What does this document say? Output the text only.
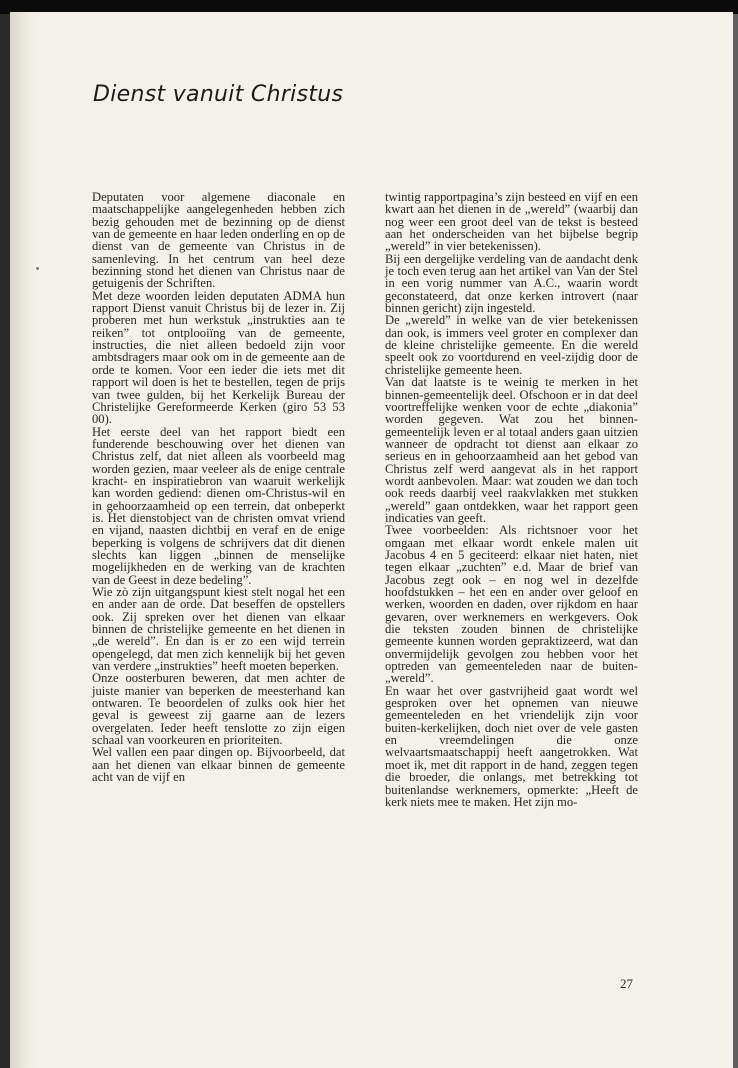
Dienst vanuit Christus

Deputaten voor algemene diaconale en maatschappelijke aangelegenheden hebben zich bezig gehouden met de bezinning op de dienst van de gemeente en haar leden onderling en op de dienst van de gemeente van Christus in de samenleving. In het centrum van heel deze bezinning stond het dienen van Christus naar de getuigenis der Schriften.

Met deze woorden leiden deputaten ADMA hun rapport Dienst vanuit Christus bij de lezer in. Zij proberen met hun werkstuk „instrukties aan te reiken” tot ontplooiïng van de gemeente, instructies, die niet alleen bedoeld zijn voor ambtsdragers maar ook om in de gemeente aan de orde te komen. Voor een ieder die iets met dit rapport wil doen is het te bestellen, tegen de prijs van twee gulden, bij het Kerkelijk Bureau der Christelijke Gereformeerde Kerken (giro 53 53 00).

Het eerste deel van het rapport biedt een funderende beschouwing over het dienen van Christus zelf, dat niet alleen als voorbeeld mag worden gezien, maar veeleer als de enige centrale kracht- en inspiratiebron van waaruit werkelijk kan worden gediend: dienen om-Christus-wil en in gehoorzaamheid op een terrein, dat onbeperkt is. Het dienstobject van de christen omvat vriend en vijand, naasten dichtbij en veraf en de enige beperking is volgens de schrijvers dat dit dienen slechts kan liggen „binnen de menselijke mogelijkheden en de werking van de krachten van de Geest in deze bedeling”.

Wie zò zijn uitgangspunt kiest stelt nogal het een en ander aan de orde. Dat beseffen de opstellers ook. Zij spreken over het dienen van elkaar binnen de christelijke gemeente en het dienen in „de wereld”. En dan is er zo een wijd terrein opengelegd, dat men zich kennelijk bij het geven van verdere „instrukties” heeft moeten beperken.

Onze oosterburen beweren, dat men achter de juiste manier van beperken de meesterhand kan ontwaren. Te beoordelen of zulks ook hier het geval is geweest zij gaarne aan de lezers overgelaten. Ieder heeft tenslotte zo zijn eigen schaal van voorkeuren en prioriteiten.

Wel vallen een paar dingen op. Bijvoorbeeld, dat aan het dienen van elkaar binnen de gemeente acht van de vijf en

twintig rapportpagina’s zijn besteed en vijf en een kwart aan het dienen in de „wereld” (waarbij dan nog weer een groot deel van de tekst is besteed aan het onderscheiden van het bijbelse begrip „wereld” in vier betekenissen).

Bij een dergelijke verdeling van de aandacht denk je toch even terug aan het artikel van Van der Stel in een vorig nummer van A.C., waarin wordt geconstateerd, dat onze kerken introvert (naar binnen gericht) zijn ingesteld.

De „wereld” in welke van de vier betekenissen dan ook, is immers veel groter en complexer dan de kleine christelijke gemeente. En die wereld speelt ook zo voortdurend en veel-zijdig door de christelijke gemeente heen.

Van dat laatste is te weinig te merken in het binnen-gemeentelijk deel. Ofschoon er in dat deel voortreffelijke wenken voor de echte „diakonia” worden gegeven. Wat zou het binnen-gemeentelijk leven er al totaal anders gaan uitzien wanneer de opdracht tot dienst aan elkaar zo serieus en in gehoorzaamheid aan het gebod van Christus zelf werd aangevat als in het rapport wordt aanbevolen. Maar: wat zouden we dan toch ook reeds daarbij veel raakvlakken met stukken „wereld” gaan ontdekken, waar het rapport geen indicaties van geeft.

Twee voorbeelden: Als richtsnoer voor het omgaan met elkaar wordt enkele malen uit Jacobus 4 en 5 geciteerd: elkaar niet haten, niet tegen elkaar „zuchten” e.d. Maar de brief van Jacobus zegt ook – en nog wel in dezelfde hoofdstukken – het een en ander over geloof en werken, woorden en daden, over rijkdom en haar gevaren, over werknemers en werkgevers. Ook die teksten zouden binnen de christelijke gemeente kunnen worden gepraktizeerd, wat dan onvermijdelijk gevolgen zou hebben voor het optreden van gemeenteleden naar de buiten-„wereld”.

En waar het over gastvrijheid gaat wordt wel gesproken over het opnemen van nieuwe gemeenteleden en het vriendelijk zijn voor buiten-kerkelijken, doch niet over de vele gasten en vreemdelingen die onze welvaartsmaatschappij heeft aangetrokken. Wat moet ik, met dit rapport in de hand, zeggen tegen die broeder, die onlangs, met betrekking tot buitenlandse werknemers, opmerkte: „Heeft de kerk niets mee te maken. Het zijn mo-

27
